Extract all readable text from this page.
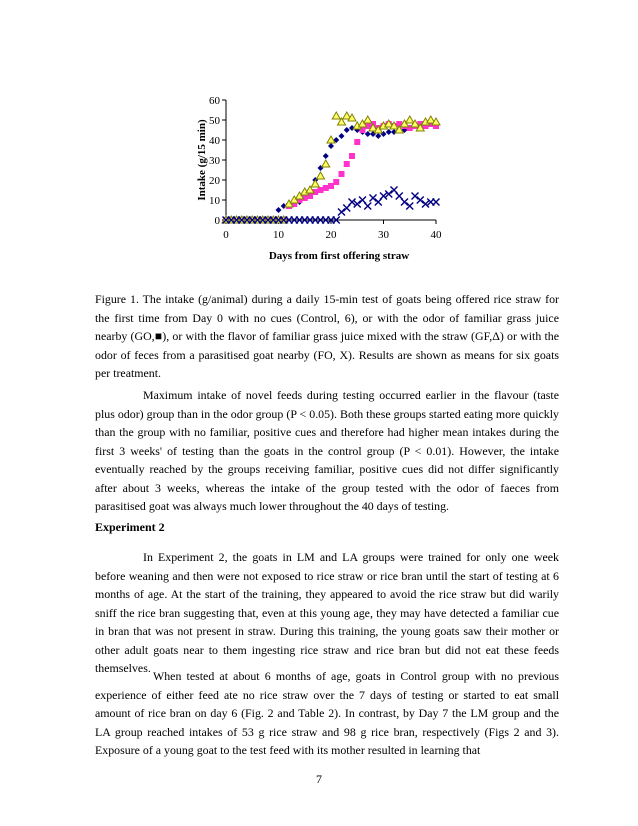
0
10
20
30
40
50
60
0	10	20	30	40
Days from first offering straw
Intake (g/15 min)

Figure 1. The intake (g/animal) during a daily 15-min test of goats being offered rice straw for the first time from Day 0 with no cues (Control, 6), or with the odor of familiar grass juice nearby (GO,■), or with the flavor of familiar grass juice mixed with the straw (GF,Δ) or with the odor of feces from a parasitised goat nearby (FO, X). Results are shown as means for six goats per treatment.

Maximum intake of novel feeds during testing occurred earlier in the flavour (taste plus odor) group than in the odor group (P < 0.05). Both these groups started eating more quickly than the group with no familiar, positive cues and therefore had higher mean intakes during the first 3 weeks' of testing than the goats in the control group (P < 0.01). However, the intake eventually reached by the groups receiving familiar, positive cues did not differ significantly after about 3 weeks, whereas the intake of the group tested with the odor of faeces from parasitised goat was always much lower throughout the 40 days of testing.

Experiment 2

In Experiment 2, the goats in LM and LA groups were trained for only one week before weaning and then were not exposed to rice straw or rice bran until the start of testing at 6 months of age. At the start of the training, they appeared to avoid the rice straw but did warily sniff the rice bran suggesting that, even at this young age, they may have detected a familiar cue in bran that was not present in straw. During this training, the young goats saw their mother or other adult goats near to them ingesting rice straw and rice bran but did not eat these feeds themselves.

When tested at about 6 months of age, goats in Control group with no previous experience of either feed ate no rice straw over the 7 days of testing or started to eat small amount of rice bran on day 6 (Fig. 2 and Table 2). In contrast, by Day 7 the LM group and the LA group reached intakes of 53 g rice straw and 98 g rice bran, respectively (Figs 2 and 3). Exposure of a young goat to the test feed with its mother resulted in learning that

7
